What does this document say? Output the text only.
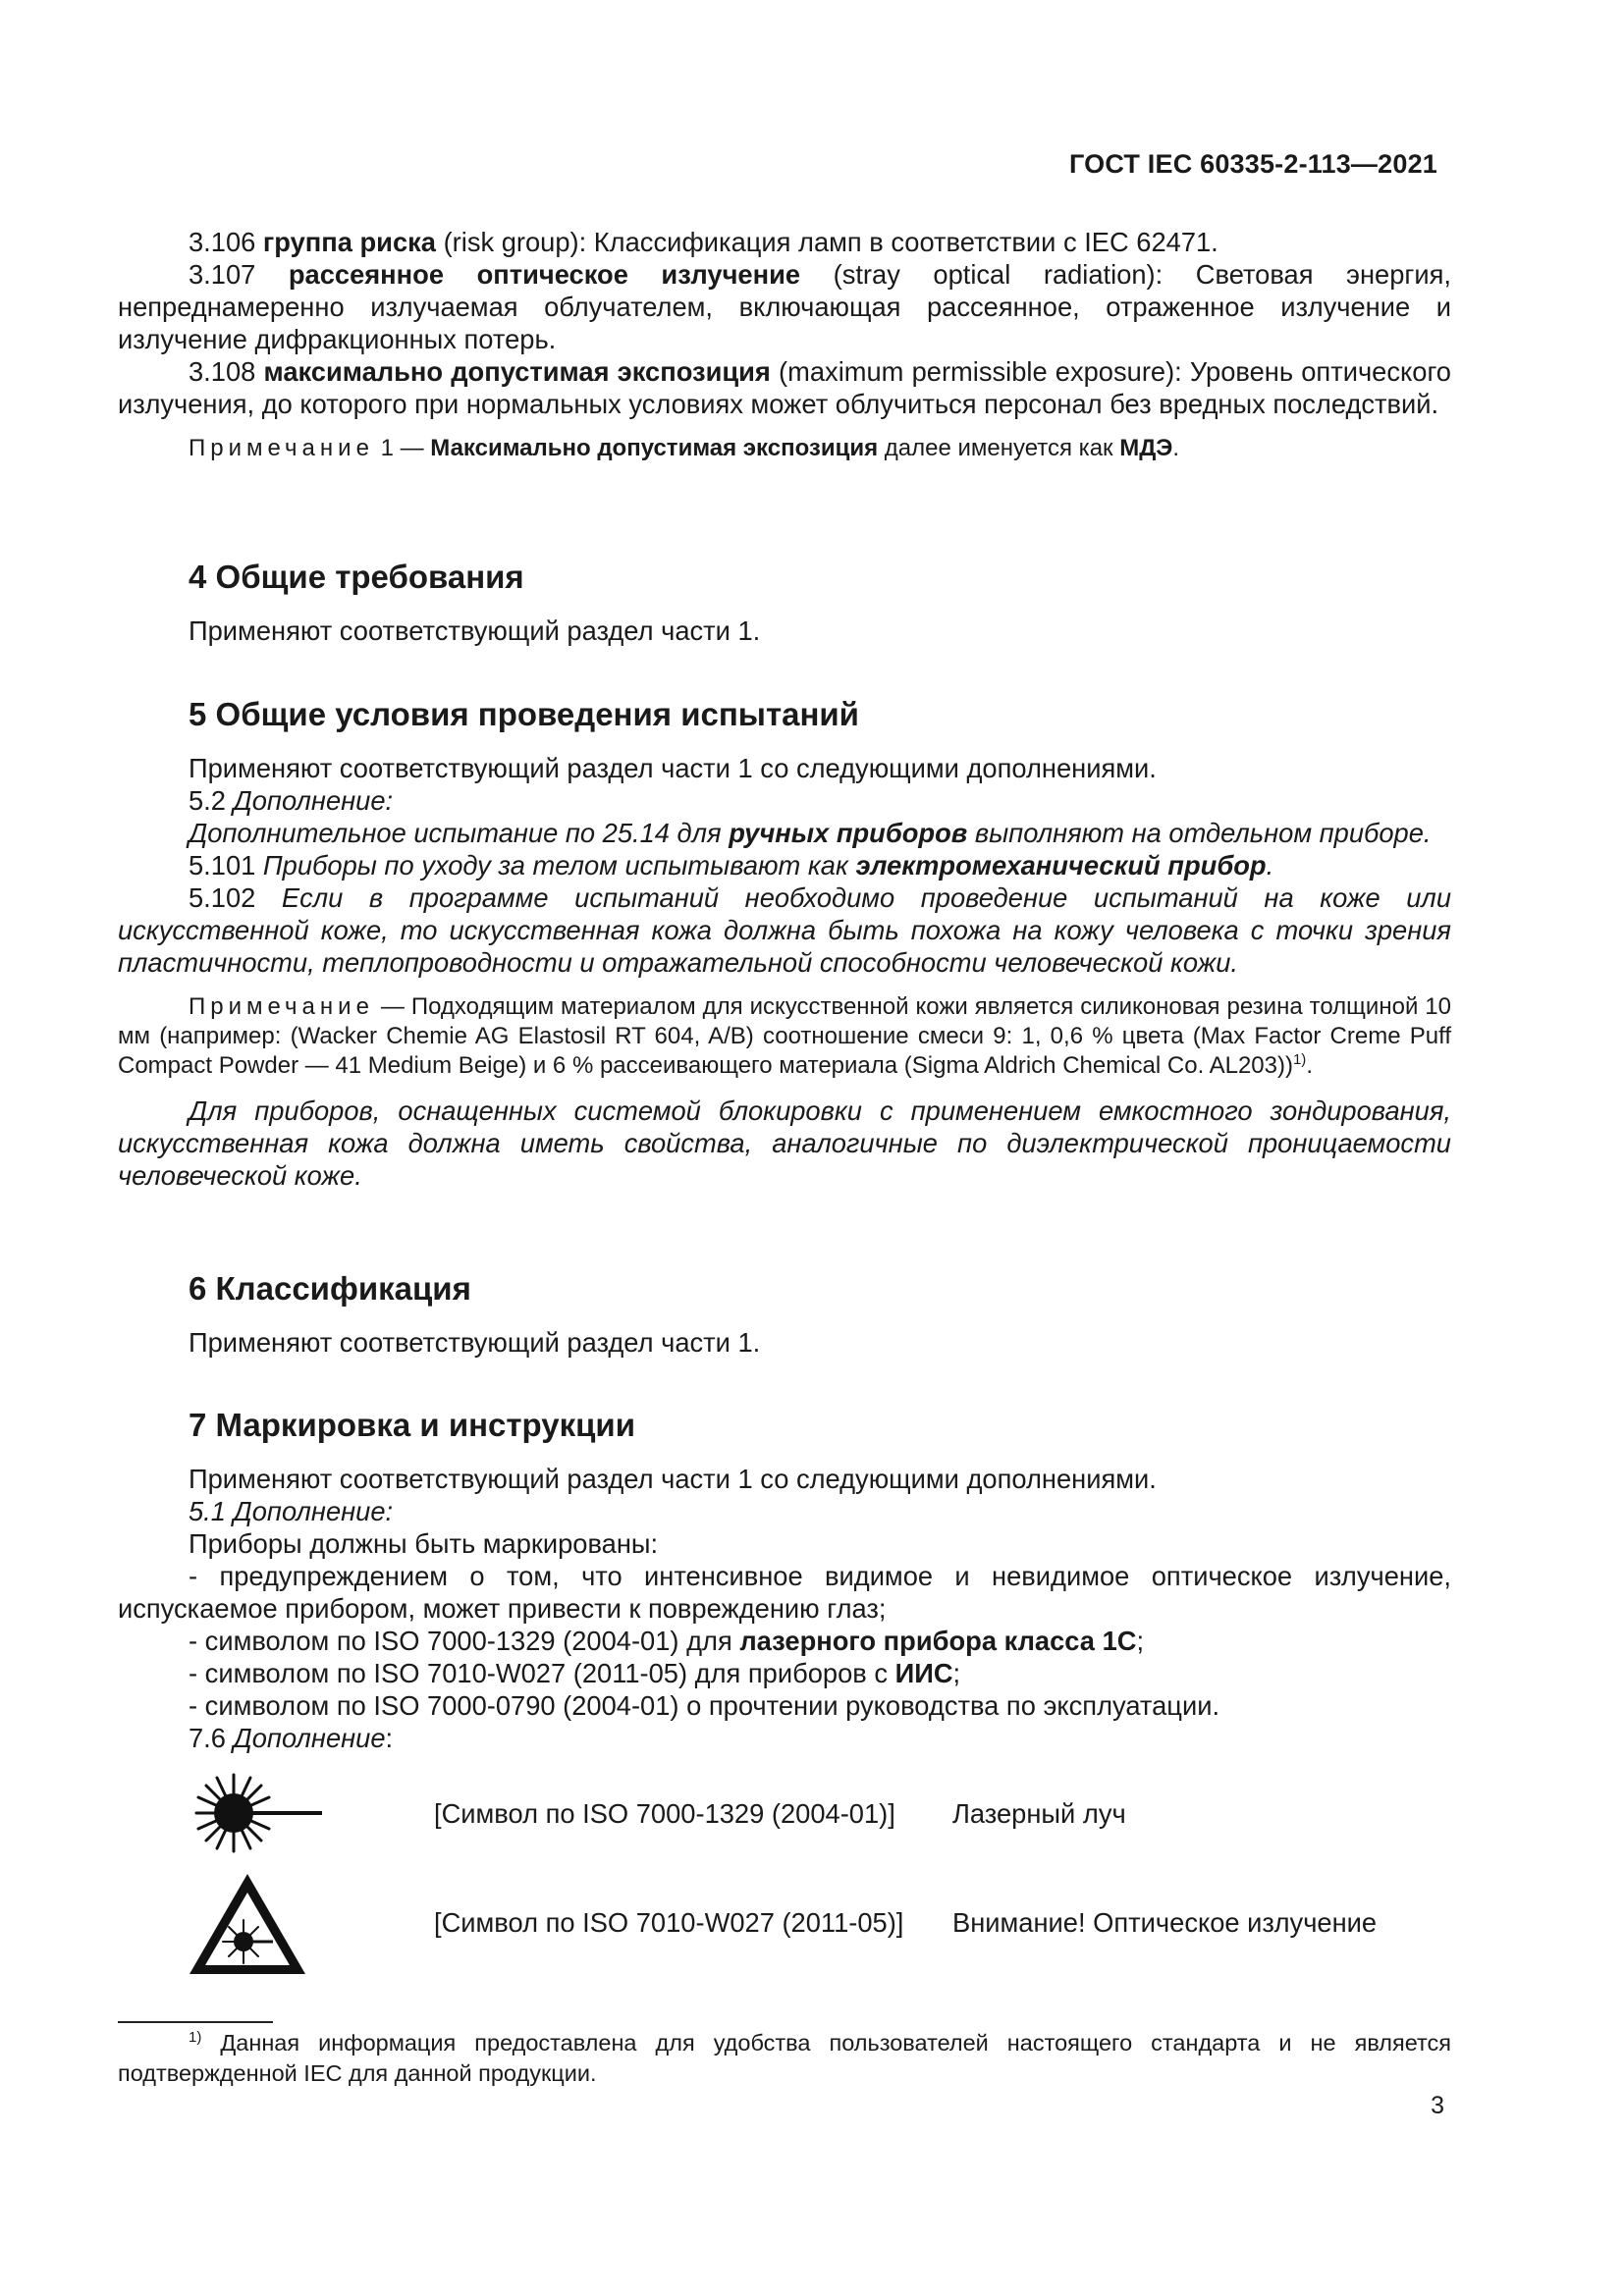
ГОСТ IEC 60335-2-113—2021

3.106 группа риска (risk group): Классификация ламп в соответствии с IEC 62471.

3.107 рассеянное оптическое излучение (stray optical radiation): Световая энергия, непреднамеренно излучаемая облучателем, включающая рассеянное, отраженное излучение и излучение дифракционных потерь.

3.108 максимально допустимая экспозиция (maximum permissible exposure): Уровень оптического излучения, до которого при нормальных условиях может облучиться персонал без вредных последствий.

Примечание 1 — Максимально допустимая экспозиция далее именуется как МДЭ.

4 Общие требования

Применяют соответствующий раздел части 1.

5 Общие условия проведения испытаний

Применяют соответствующий раздел части 1 со следующими дополнениями.

5.2 Дополнение:

Дополнительное испытание по 25.14 для ручных приборов выполняют на отдельном приборе.

5.101 Приборы по уходу за телом испытывают как электромеханический прибор.

5.102 Если в программе испытаний необходимо проведение испытаний на коже или искусственной коже, то искусственная кожа должна быть похожа на кожу человека с точки зрения пластичности, теплопроводности и отражательной способности человеческой кожи.

Примечание — Подходящим материалом для искусственной кожи является силиконовая резина толщиной 10 мм (например: (Wacker Chemie AG Elastosil RT 604, A/B) соотношение смеси 9: 1, 0,6 % цвета (Max Factor Creme Puff Compact Powder — 41 Medium Beige) и 6 % рассеивающего материала (Sigma Aldrich Chemical Co. AL203))$^{1)}$.

Для приборов, оснащенных системой блокировки с применением емкостного зондирования, искусственная кожа должна иметь свойства, аналогичные по диэлектрической проницаемости человеческой коже.

6 Классификация

Применяют соответствующий раздел части 1.

7 Маркировка и инструкции

Применяют соответствующий раздел части 1 со следующими дополнениями.

5.1 Дополнение:

Приборы должны быть маркированы:

- предупреждением о том, что интенсивное видимое и невидимое оптическое излучение, испускаемое прибором, может привести к повреждению глаз;

- символом по ISO 7000-1329 (2004-01) для лазерного прибора класса 1С;

- символом по ISO 7010-W027 (2011-05) для приборов с ИИС;

- символом по ISO 7000-0790 (2004-01) о прочтении руководства по эксплуатации.

7.6 Дополнение:

[Символ по ISO 7000-1329 (2004-01)] Лазерный луч
[Символ по ISO 7010-W027 (2011-05)] Внимание! Оптическое излучение
$^{1)}$ Данная информация предоставлена для удобства пользователей настоящего стандарта и не является подтвержденной IEC для данной продукции.
3
